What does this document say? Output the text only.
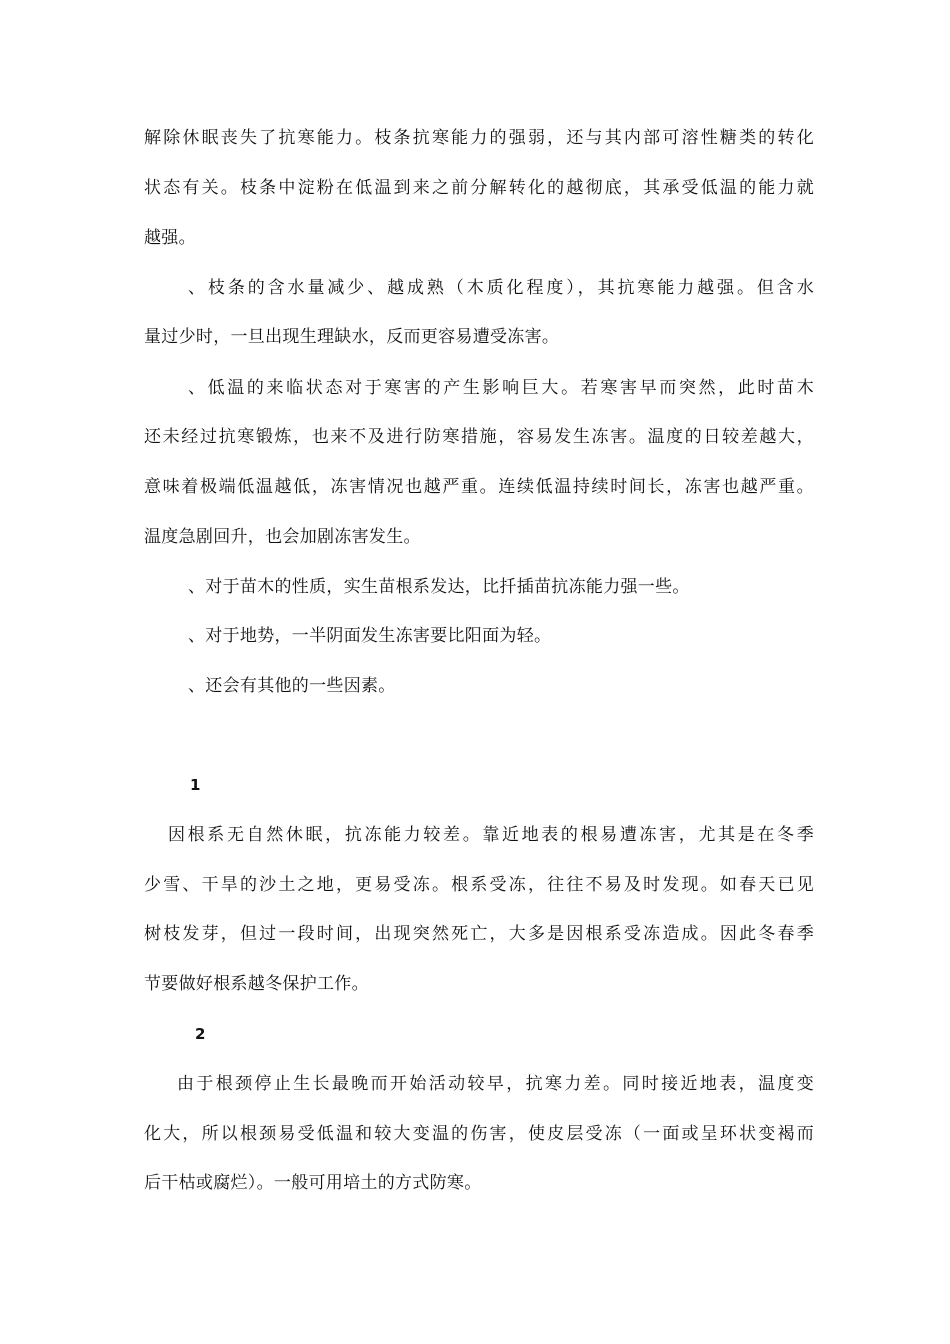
解除休眠丧失了抗寒能力。枝条抗寒能力的强弱，还与其内部可溶性糖类的转化
状态有关。枝条中淀粉在低温到来之前分解转化的越彻底，其承受低温的能力就
越强。
、枝条的含水量减少、越成熟（木质化程度），其抗寒能力越强。但含水
量过少时，一旦出现生理缺水，反而更容易遭受冻害。
、低温的来临状态对于寒害的产生影响巨大。若寒害早而突然，此时苗木
还未经过抗寒锻炼，也来不及进行防寒措施，容易发生冻害。温度的日较差越大，
意味着极端低温越低，冻害情况也越严重。连续低温持续时间长，冻害也越严重。
温度急剧回升，也会加剧冻害发生。
、对于苗木的性质，实生苗根系发达，比扦插苗抗冻能力强一些。
、对于地势，一半阴面发生冻害要比阳面为轻。
、还会有其他的一些因素。
1
因根系无自然休眠，抗冻能力较差。靠近地表的根易遭冻害，尤其是在冬季
少雪、干旱的沙土之地，更易受冻。根系受冻，往往不易及时发现。如春天已见
树枝发芽，但过一段时间，出现突然死亡，大多是因根系受冻造成。因此冬春季
节要做好根系越冬保护工作。
2
由于根颈停止生长最晚而开始活动较早，抗寒力差。同时接近地表，温度变
化大，所以根颈易受低温和较大变温的伤害，使皮层受冻（一面或呈环状变褐而
后干枯或腐烂）。一般可用培土的方式防寒。
